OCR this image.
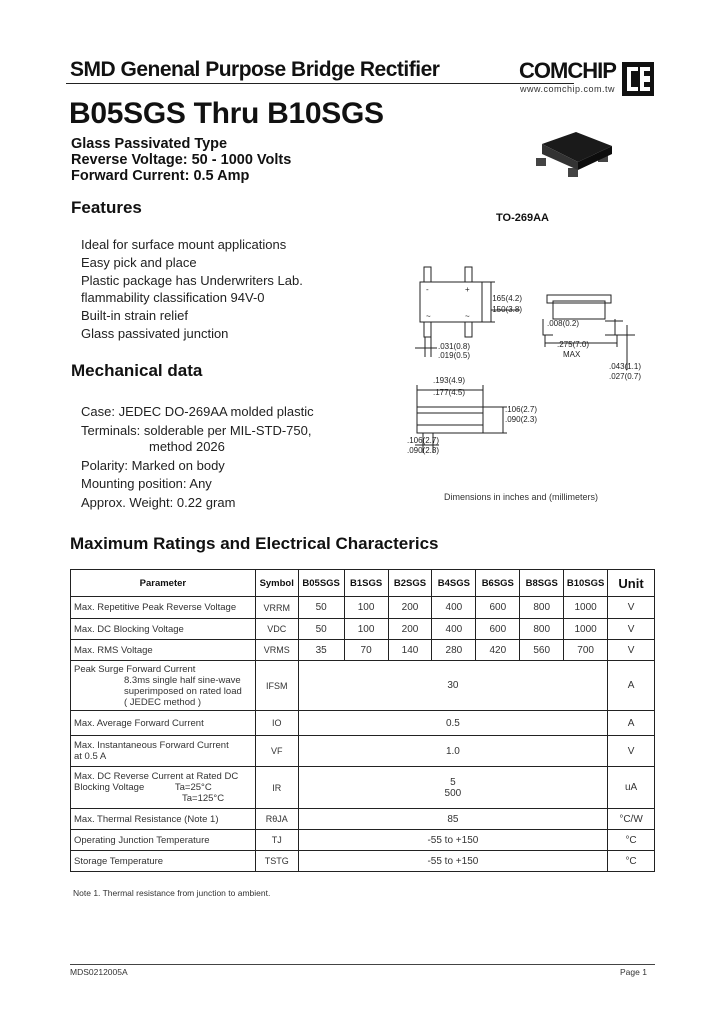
SMD Genenal Purpose Bridge Rectifier	COMCHIP
www.comchip.com.tw
B05SGS Thru B10SGS
Glass Passivated Type
Reverse Voltage: 50 - 1000 Volts
Forward Current: 0.5 Amp
Features
Ideal for surface mount applications
Easy pick and place
Plastic package has Underwriters Lab.
flammability classification 94V-0
Built-in strain relief
Glass passivated junction
Mechanical data
Case: JEDEC DO-269AA molded plastic
Terminals: solderable per MIL-STD-750,
method 2026
Polarity: Marked on body
Mounting position: Any
Approx. Weight: 0.22 gram
TO-269AA
-	+
~	~
.165(4.2)
.150(3.8)
.031(0.8)
.019(0.5)
.008(0.2)
.275(7.0)
MAX
.043(1.1)
.027(0.7)
.193(4.9)
.177(4.5)
.106(2.7)
.090(2.3)
.106(2.7)
.090(2.3)
Dimensions in inches and (millimeters)
Maximum Ratings and Electrical Characterics
Parameter	Symbol	B05SGS	B1SGS	B2SGS	B4SGS	B6SGS	B8SGS	B10SGS	Unit
Max. Repetitive Peak Reverse Voltage	VRRM	50	100	200	400	600	800	1000	V
Max. DC Blocking Voltage	VDC	50	100	200	400	600	800	1000	V
Max. RMS Voltage	VRMS	35	70	140	280	420	560	700	V
Peak Surge Forward Current

8.3ms single half sine-wave
superimposed on rated load
( JEDEC method )	IFSM	30							A
Max. Average Forward Current	IO	0.5							A
Max. Instantaneous Forward Current
at 0.5 A	VF	1.0							V
Max. DC Reverse Current at Rated DC
Blocking Voltage Ta=25°C
Ta=125°C	IR	5
500							uA
Max. Thermal Resistance (Note 1)	RθJA	85							°C/W
Operating Junction Temperature	TJ	-55 to +150							°C
Storage Temperature	TSTG	-55 to +150							°C
Note 1. Thermal resistance from junction to ambient.
MDS0212005A	Page 1
